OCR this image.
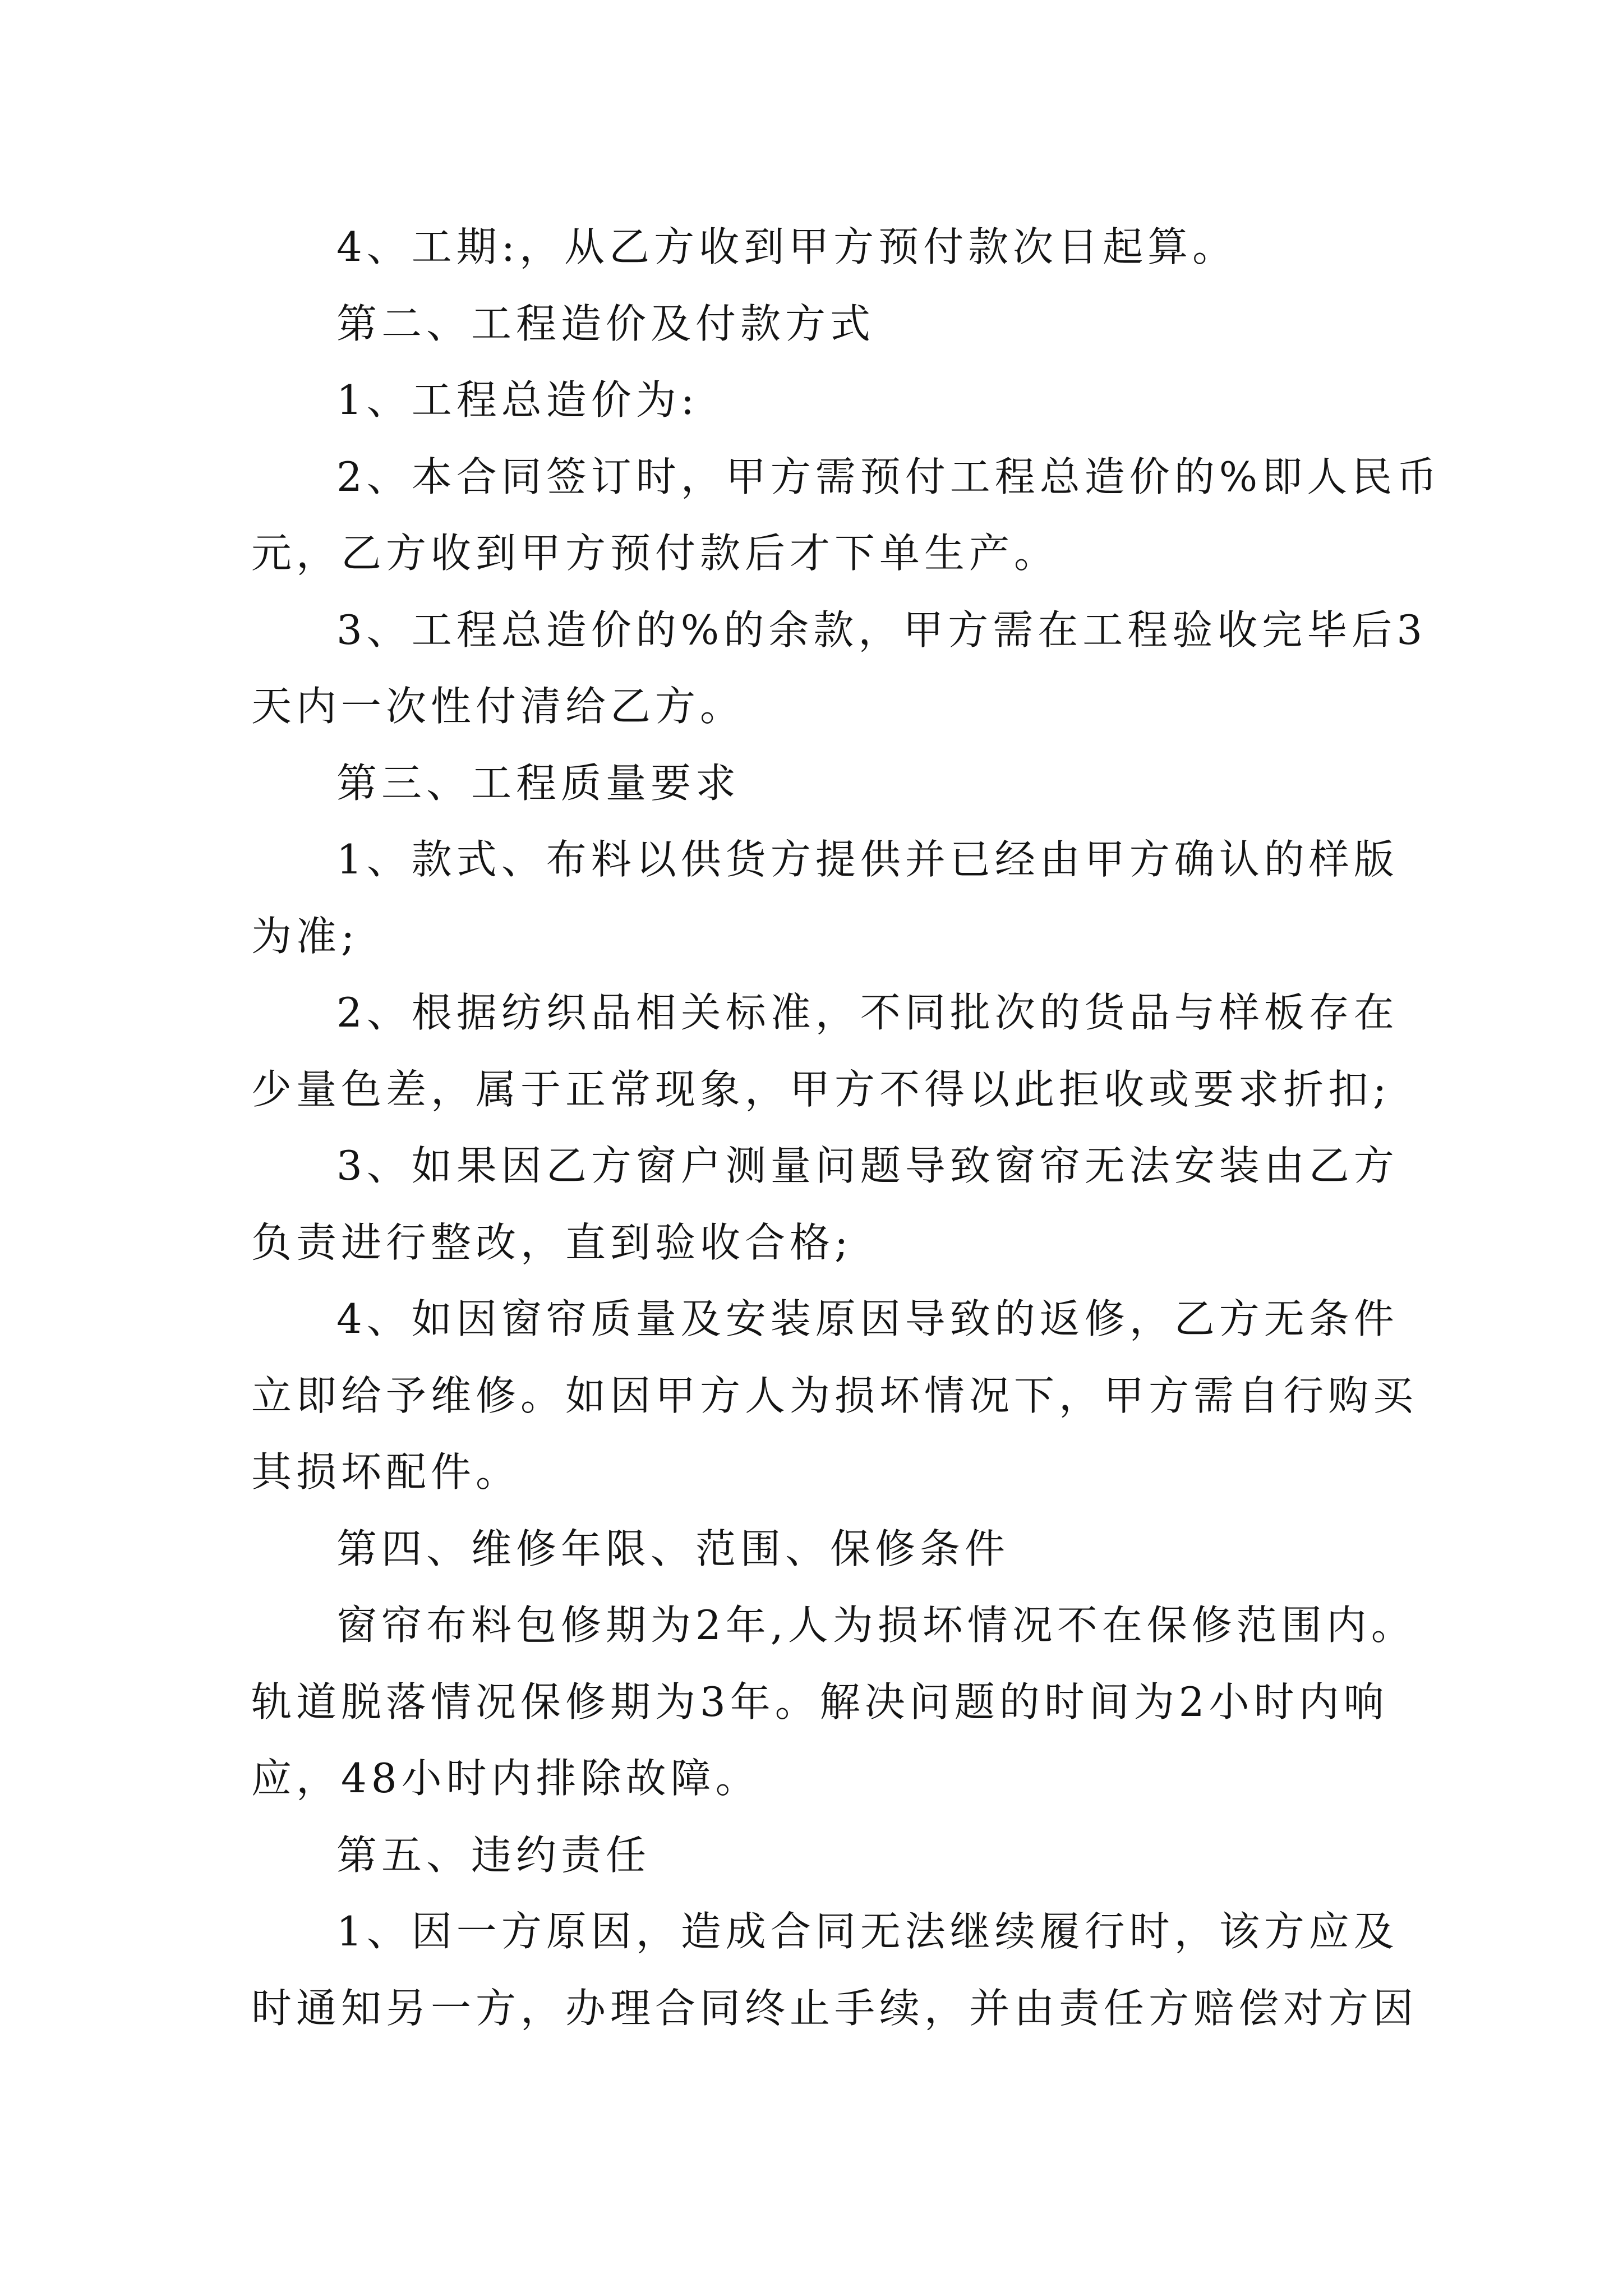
4、工期:，从乙方收到甲方预付款次日起算。
第二、工程造价及付款方式
1、工程总造价为:
2、本合同签订时，甲方需预付工程总造价的%即人民币
元，乙方收到甲方预付款后才下单生产。
3、工程总造价的%的余款，甲方需在工程验收完毕后3
天内一次性付清给乙方。
第三、工程质量要求
1、款式、布料以供货方提供并已经由甲方确认的样版
为准;
2、根据纺织品相关标准，不同批次的货品与样板存在
少量色差，属于正常现象，甲方不得以此拒收或要求折扣;
3、如果因乙方窗户测量问题导致窗帘无法安装由乙方
负责进行整改，直到验收合格;
4、如因窗帘质量及安装原因导致的返修，乙方无条件
立即给予维修。如因甲方人为损坏情况下，甲方需自行购买
其损坏配件。
第四、维修年限、范围、保修条件
窗帘布料包修期为2年,人为损坏情况不在保修范围内。
轨道脱落情况保修期为3年。解决问题的时间为2小时内响
应，48小时内排除故障。
第五、违约责任
1、因一方原因，造成合同无法继续履行时，该方应及
时通知另一方，办理合同终止手续，并由责任方赔偿对方因
